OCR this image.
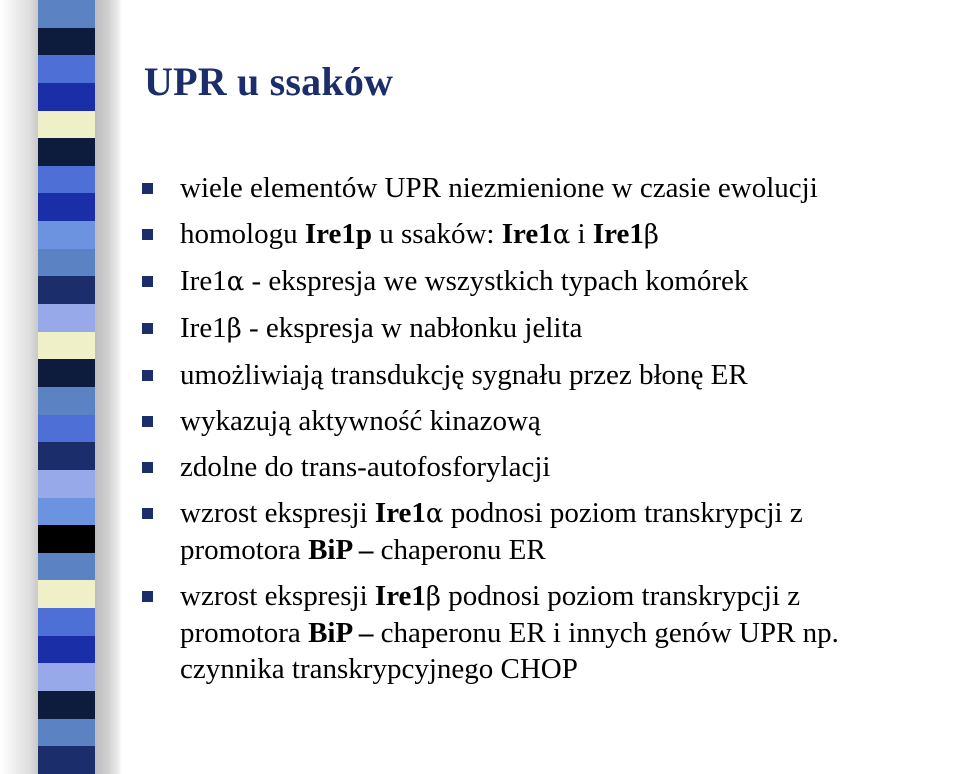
UPR u ssaków
wiele elementów UPR niezmienione w czasie ewolucji
homologu Ire1p u ssaków: Ire1α i Ire1β
Ire1α - ekspresja we wszystkich typach komórek
Ire1β - ekspresja w nabłonku jelita
umożliwiają transdukcję sygnału przez błonę ER
wykazują aktywność kinazową
zdolne do trans-autofosforylacji
wzrost ekspresji Ire1α podnosi poziom transkrypcji z
promotora BiP – chaperonu ER
wzrost ekspresji Ire1β podnosi poziom transkrypcji z
promotora BiP – chaperonu ER i innych genów UPR np.
czynnika transkrypcyjnego CHOP
